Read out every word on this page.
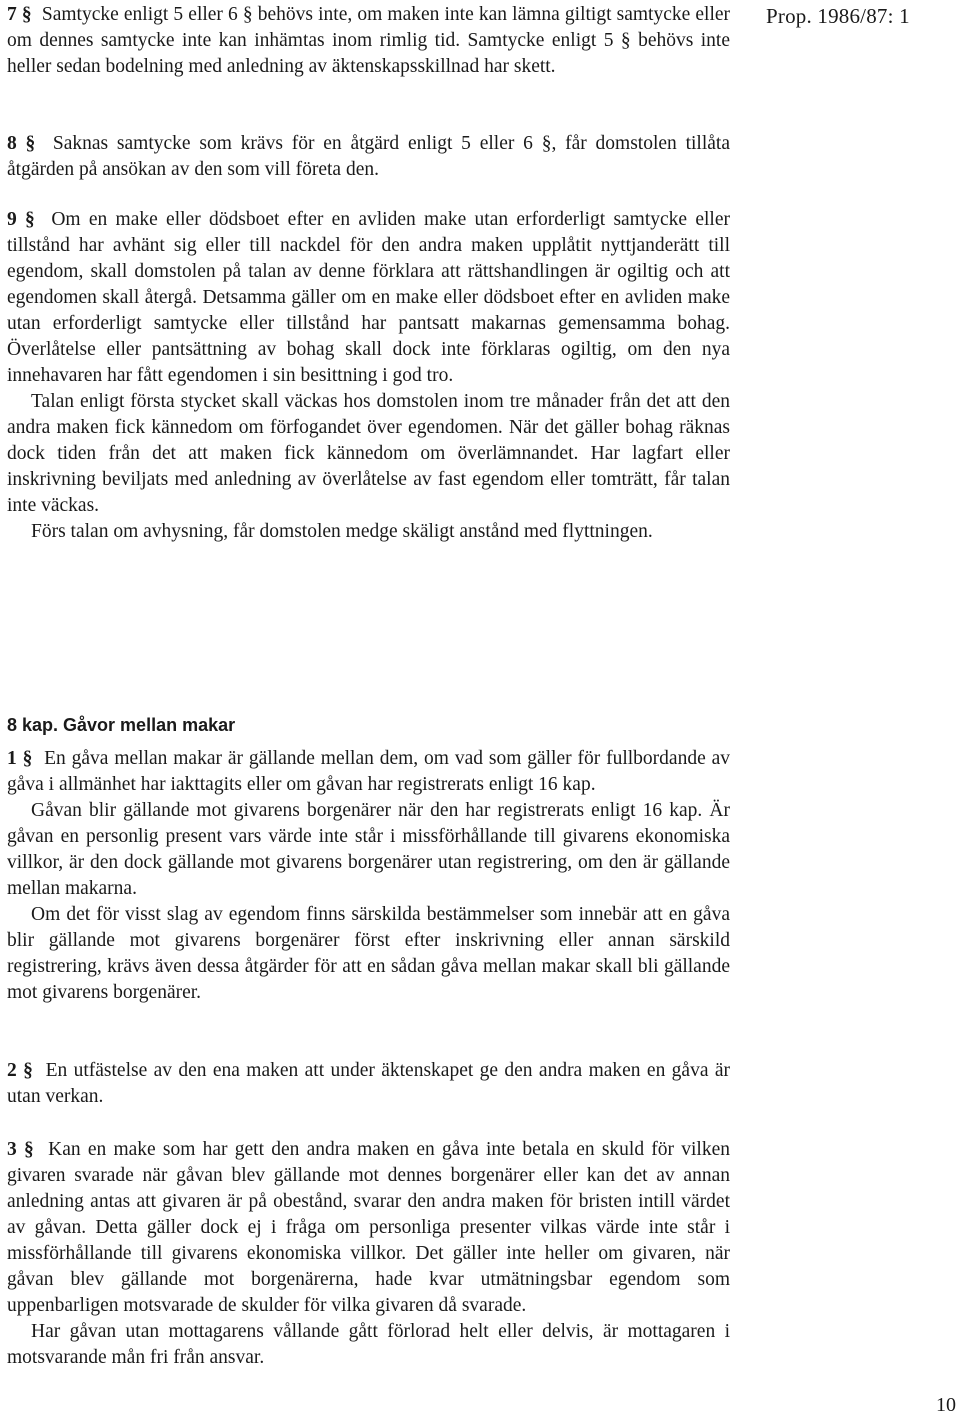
Prop. 1986/87: 1

7 § Samtycke enligt 5 eller 6 § behövs inte, om maken inte kan lämna giltigt samtycke eller om dennes samtycke inte kan inhämtas inom rimlig tid. Samtycke enligt 5 § behövs inte heller sedan bodelning med anledning av äktenskapsskillnad har skett.

8 § Saknas samtycke som krävs för en åtgärd enligt 5 eller 6 §, får domstolen tillåta åtgärden på ansökan av den som vill företa den.

9 § Om en make eller dödsboet efter en avliden make utan erforderligt samtycke eller tillstånd har avhänt sig eller till nackdel för den andra maken upplåtit nyttjanderätt till egendom, skall domstolen på talan av denne förklara att rättshandlingen är ogiltig och att egendomen skall återgå. Detsamma gäller om en make eller dödsboet efter en avliden make utan erforderligt samtycke eller tillstånd har pantsatt makarnas gemensamma bohag. Överlåtelse eller pantsättning av bohag skall dock inte förklaras ogiltig, om den nya innehavaren har fått egendomen i sin besittning i god tro.

Talan enligt första stycket skall väckas hos domstolen inom tre månader från det att den andra maken fick kännedom om förfogandet över egendomen. När det gäller bohag räknas dock tiden från det att maken fick kännedom om överlämnandet. Har lagfart eller inskrivning beviljats med anledning av överlåtelse av fast egendom eller tomträtt, får talan inte väckas.

Förs talan om avhysning, får domstolen medge skäligt anstånd med flyttningen.

8 kap. Gåvor mellan makar

1 § En gåva mellan makar är gällande mellan dem, om vad som gäller för fullbordande av gåva i allmänhet har iakttagits eller om gåvan har registrerats enligt 16 kap.

Gåvan blir gällande mot givarens borgenärer när den har registrerats enligt 16 kap. Är gåvan en personlig present vars värde inte står i missförhållande till givarens ekonomiska villkor, är den dock gällande mot givarens borgenärer utan registrering, om den är gällande mellan makarna.

Om det för visst slag av egendom finns särskilda bestämmelser som innebär att en gåva blir gällande mot givarens borgenärer först efter inskrivning eller annan särskild registrering, krävs även dessa åtgärder för att en sådan gåva mellan makar skall bli gällande mot givarens borgenärer.

2 § En utfästelse av den ena maken att under äktenskapet ge den andra maken en gåva är utan verkan.

3 § Kan en make som har gett den andra maken en gåva inte betala en skuld för vilken givaren svarade när gåvan blev gällande mot dennes borgenärer eller kan det av annan anledning antas att givaren är på obestånd, svarar den andra maken för bristen intill värdet av gåvan. Detta gäller dock ej i fråga om personliga presenter vilkas värde inte står i missförhållande till givarens ekonomiska villkor. Det gäller inte heller om givaren, när gåvan blev gällande mot borgenärerna, hade kvar utmätningsbar egendom som uppenbarligen motsvarade de skulder för vilka givaren då svarade.

Har gåvan utan mottagarens vållande gått förlorad helt eller delvis, är mottagaren i motsvarande mån fri från ansvar.

10
